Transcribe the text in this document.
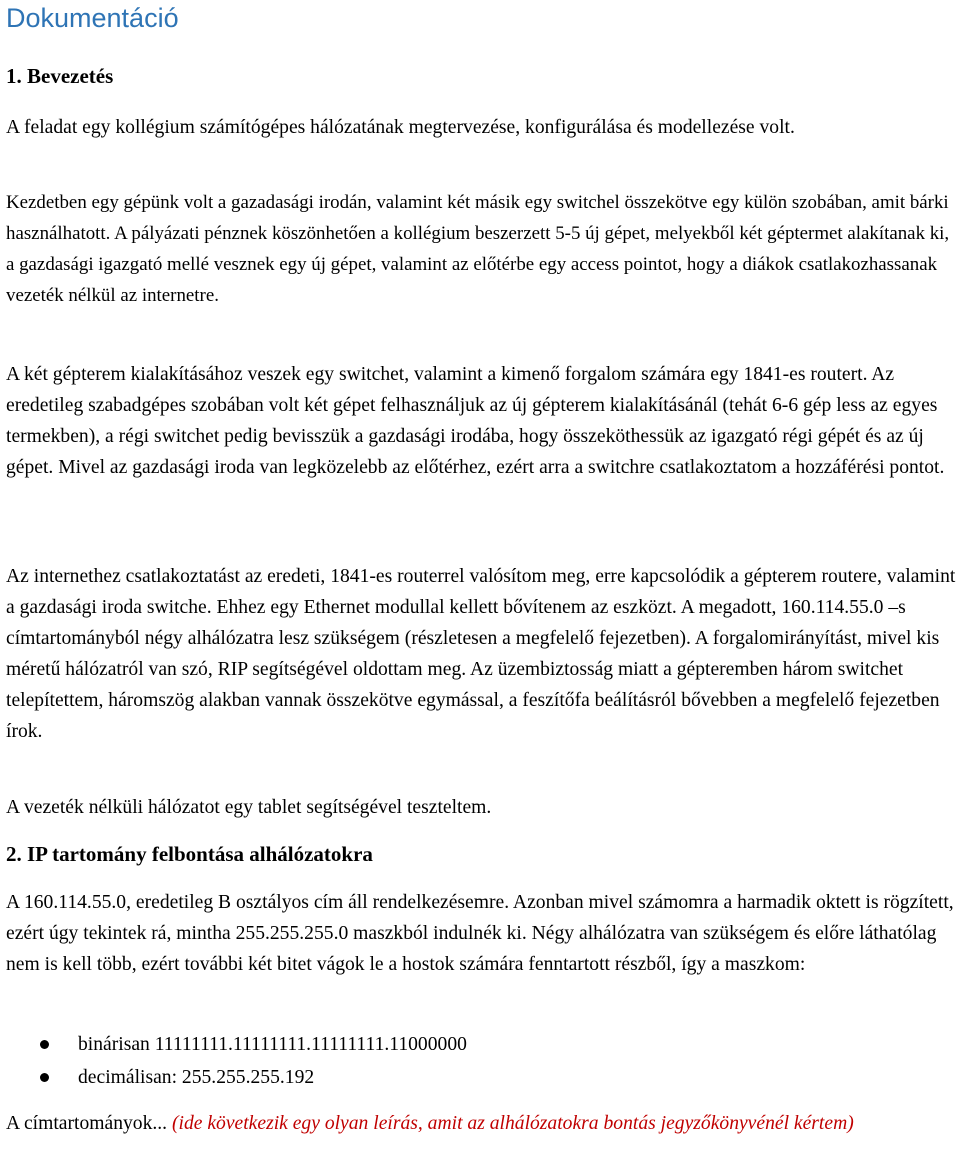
Dokumentáció
1. Bevezetés

A feladat egy kollégium számítógépes hálózatának megtervezése, konfigurálása és modellezése volt.

Kezdetben egy gépünk volt a gazadasági irodán, valamint két másik egy switchel összekötve egy külön szobában, amit bárki használhatott. A pályázati pénznek köszönhetően a kollégium beszerzett 5-5 új gépet, melyekből két géptermet alakítanak ki, a gazdasági igazgató mellé vesznek egy új gépet, valamint az előtérbe egy access pointot, hogy a diákok csatlakozhassanak vezeték nélkül az internetre.

A két gépterem kialakításához veszek egy switchet, valamint a kimenő forgalom számára egy 1841-es routert. Az eredetileg szabadgépes szobában volt két gépet felhasználjuk az új gépterem kialakításánál (tehát 6-6 gép less az egyes termekben), a régi switchet pedig bevisszük a gazdasági irodába, hogy összeköthessük az igazgató régi gépét és az új gépet. Mivel az gazdasági iroda van legközelebb az előtérhez, ezért arra a switchre csatlakoztatom a hozzáférési pontot.

Az internethez csatlakoztatást az eredeti, 1841-es routerrel valósítom meg, erre kapcsolódik a gépterem routere, valamint a gazdasági iroda switche. Ehhez egy Ethernet modullal kellett bővítenem az eszközt. A megadott, 160.114.55.0 –s címtartományból négy alhálózatra lesz szükségem (részletesen a megfelelő fejezetben). A forgalomirányítást, mivel kis méretű hálózatról van szó, RIP segítségével oldottam meg. Az üzembiztosság miatt a gépteremben három switchet telepítettem, háromszög alakban vannak összekötve egymással, a feszítőfa beálításról bővebben a megfelelő fejezetben írok.

A vezeték nélküli hálózatot egy tablet segítségével teszteltem.

2. IP tartomány felbontása alhálózatokra

A 160.114.55.0, eredetileg B osztályos cím áll rendelkezésemre. Azonban mivel számomra a harmadik oktett is rögzített, ezért úgy tekintek rá, mintha 255.255.255.0 maszkból indulnék ki. Négy alhálózatra van szükségem és előre láthatólag nem is kell több, ezért további két bitet vágok le a hostok számára fenntartott részből, így a maszkom:

binárisan 11111111.11111111.11111111.11000000
decimálisan: 255.255.255.192

A címtartományok... (ide következik egy olyan leírás, amit az alhálózatokra bontás jegyzőkönyvénél kértem)
